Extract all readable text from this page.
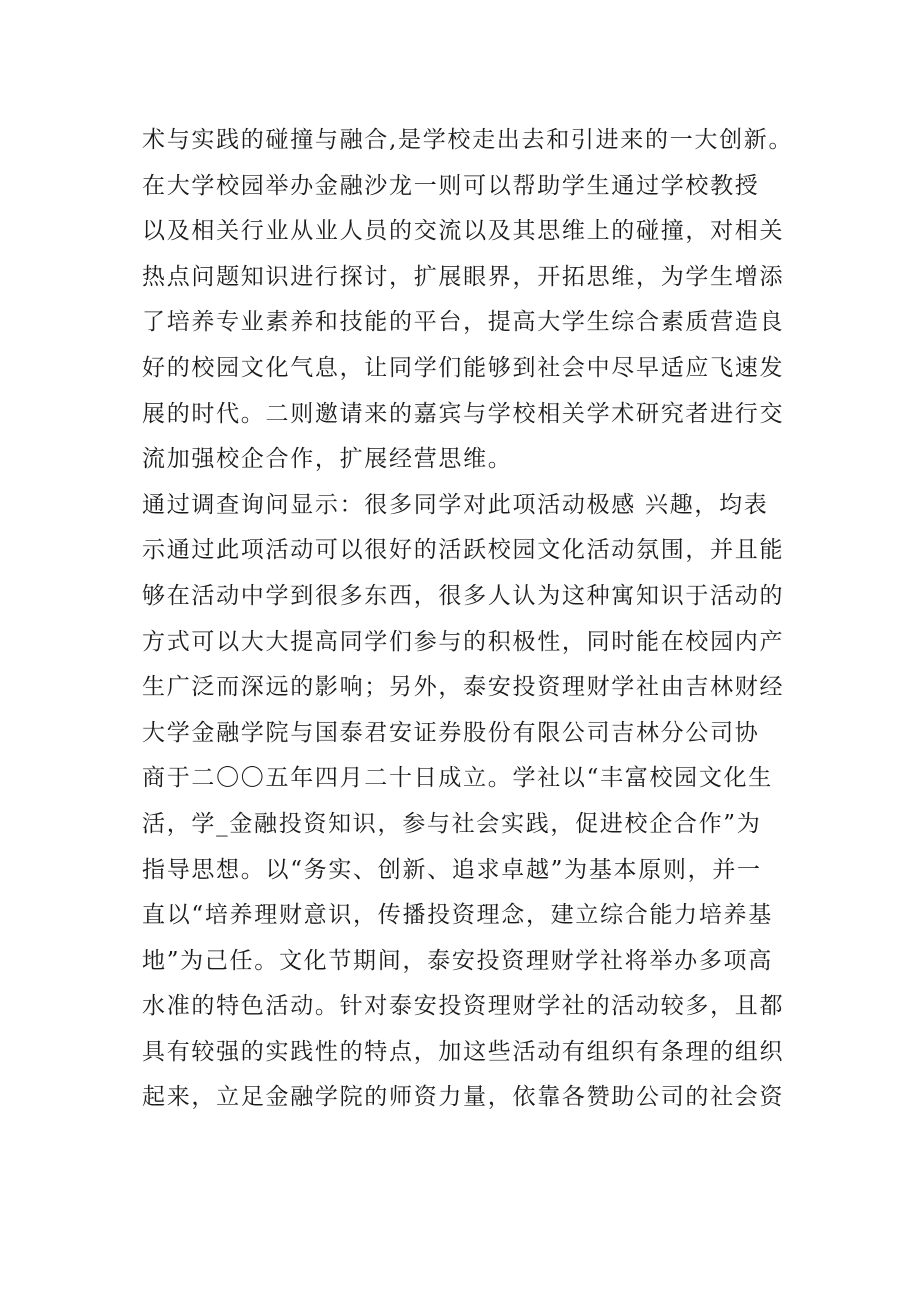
术与实践的碰撞与融合,是学校走出去和引进来的一大创新。
在大学校园举办金融沙龙一则可以帮助学生通过学校教授
以及相关行业从业人员的交流以及其思维上的碰撞，对相关
热点问题知识进行探讨，扩展眼界，开拓思维，为学生增添
了培养专业素养和技能的平台，提高大学生综合素质营造良
好的校园文化气息，让同学们能够到社会中尽早适应飞速发
展的时代。二则邀请来的嘉宾与学校相关学术研究者进行交
流加强校企合作，扩展经营思维。
通过调查询问显示：很多同学对此项活动极感 兴趣，均表
示通过此项活动可以很好的活跃校园文化活动氛围，并且能
够在活动中学到很多东西，很多人认为这种寓知识于活动的
方式可以大大提高同学们参与的积极性，同时能在校园内产
生广泛而深远的影响；另外，泰安投资理财学社由吉林财经
大学金融学院与国泰君安证券股份有限公司吉林分公司协
商于二〇〇五年四月二十日成立。学社以“丰富校园文化生
活，学_金融投资知识，参与社会实践，促进校企合作”为
指导思想。以“务实、创新、追求卓越”为基本原则，并一
直以“培养理财意识，传播投资理念，建立综合能力培养基
地”为己任。文化节期间，泰安投资理财学社将举办多项高
水准的特色活动。针对泰安投资理财学社的活动较多，且都
具有较强的实践性的特点，加这些活动有组织有条理的组织
起来，立足金融学院的师资力量，依靠各赞助公司的社会资
